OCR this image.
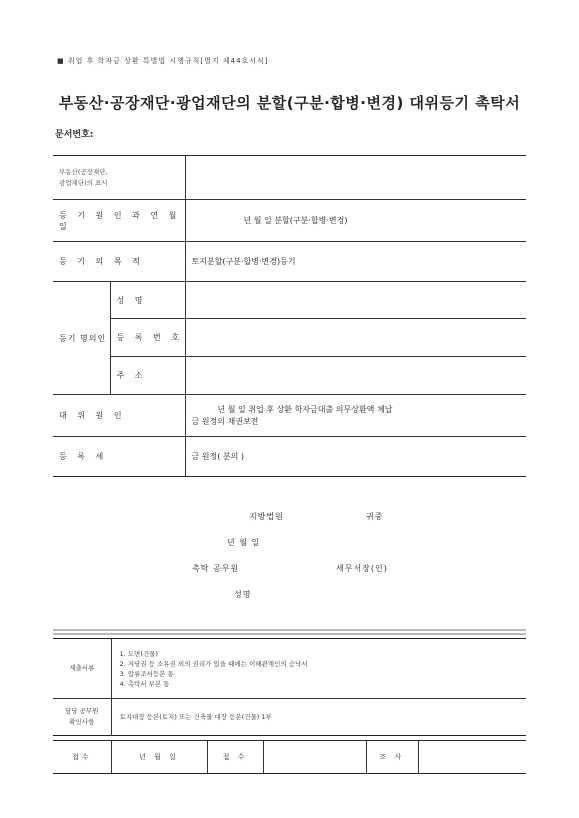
■ 취업 후 학자금 상환 특별법 시행규칙[별지 제44호서식]
부동산·공장재단·광업재단의 분할(구분·합병·변경) 대위등기 촉탁서
문서번호:
부동산(공장재단,
광업재단)의 표시		

등 기 원 인 과 연 월 일		년 월 일 분할(구분·합병·변경)
등 기 의 목 적		토지분할(구분·합병·변경)등기
등기 명의인	성 명	
	등 록 번 호	
	주 소	
대 위 원 인		년 월 일 취업 후 상환 학자금대출 의무상환액 체납
금 원정의 채권보전

등 록 세		금 원정( 분의 )
지방법원	귀중
년 월 일
촉탁 공무원	세무서장(인)
성명
제출서류	1. 도면(건물)
2. 저당권 등 소유권 외의 권리가 있을 때에는 이해관계인의 승낙서
3. 압류조서등본 통
4. 촉탁서 부본 통

담당 공무원
확인사항	토지대장 등본(토지) 또는 건축물 대장 등본(건물) 1부
접수	년 월 일	접 수		조 사	
